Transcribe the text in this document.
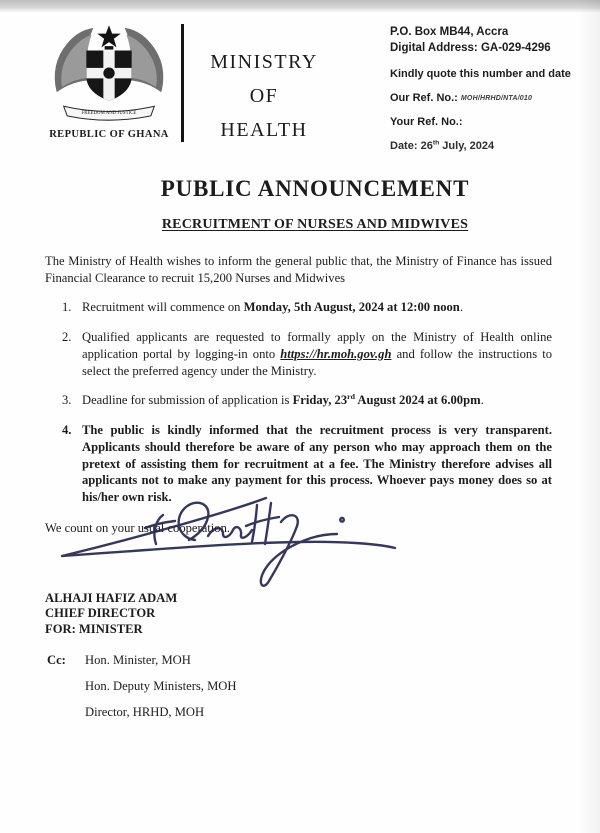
FREEDOM AND JUSTICE
REPUBLIC OF GHANA
MINISTRY
OF
HEALTH
P.O. Box MB44, Accra
Digital Address: GA-029-4296
Kindly quote this number and date
Our Ref. No.: MOH/HRHD/NTA/010
Your Ref. No.:
Date: 26th July, 2024
PUBLIC ANNOUNCEMENT
RECRUITMENT OF NURSES AND MIDWIVES
The Ministry of Health wishes to inform the general public that, the Ministry of Finance has issued Financial Clearance to recruit 15,200 Nurses and Midwives
1. Recruitment will commence on Monday, 5th August, 2024 at 12:00 noon.
2. Qualified applicants are requested to formally apply on the Ministry of Health online application portal by logging-in onto https://hr.moh.gov.gh and follow the instructions to select the preferred agency under the Ministry.
3. Deadline for submission of application is Friday, 23rd August 2024 at 6.00pm.
4. The public is kindly informed that the recruitment process is very transparent. Applicants should therefore be aware of any person who may approach them on the pretext of assisting them for recruitment at a fee. The Ministry therefore advises all applicants not to make any payment for this process. Whoever pays money does so at his/her own risk.
We count on your usual cooperation.
ALHAJI HAFIZ ADAM
CHIEF DIRECTOR
FOR: MINISTER
Cc:	Hon. Minister, MOH
Hon. Deputy Ministers, MOH
Director, HRHD, MOH
